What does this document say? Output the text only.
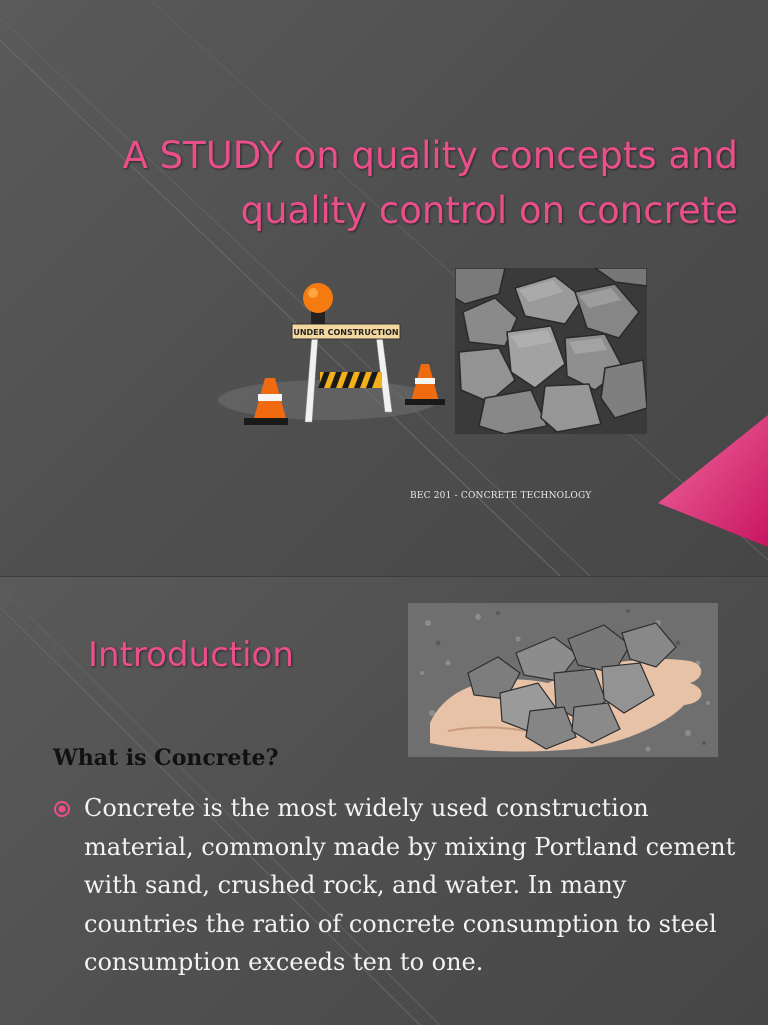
A STUDY on quality concepts and
quality control on concrete
UNDER CONSTRUCTION
BEC 201 - CONCRETE TECHNOLOGY
Introduction
What is Concrete?

Concrete is the most widely used construction material, commonly made by mixing Portland cement with sand, crushed rock, and water. In many countries the ratio of concrete consumption to steel consumption exceeds ten to one.
